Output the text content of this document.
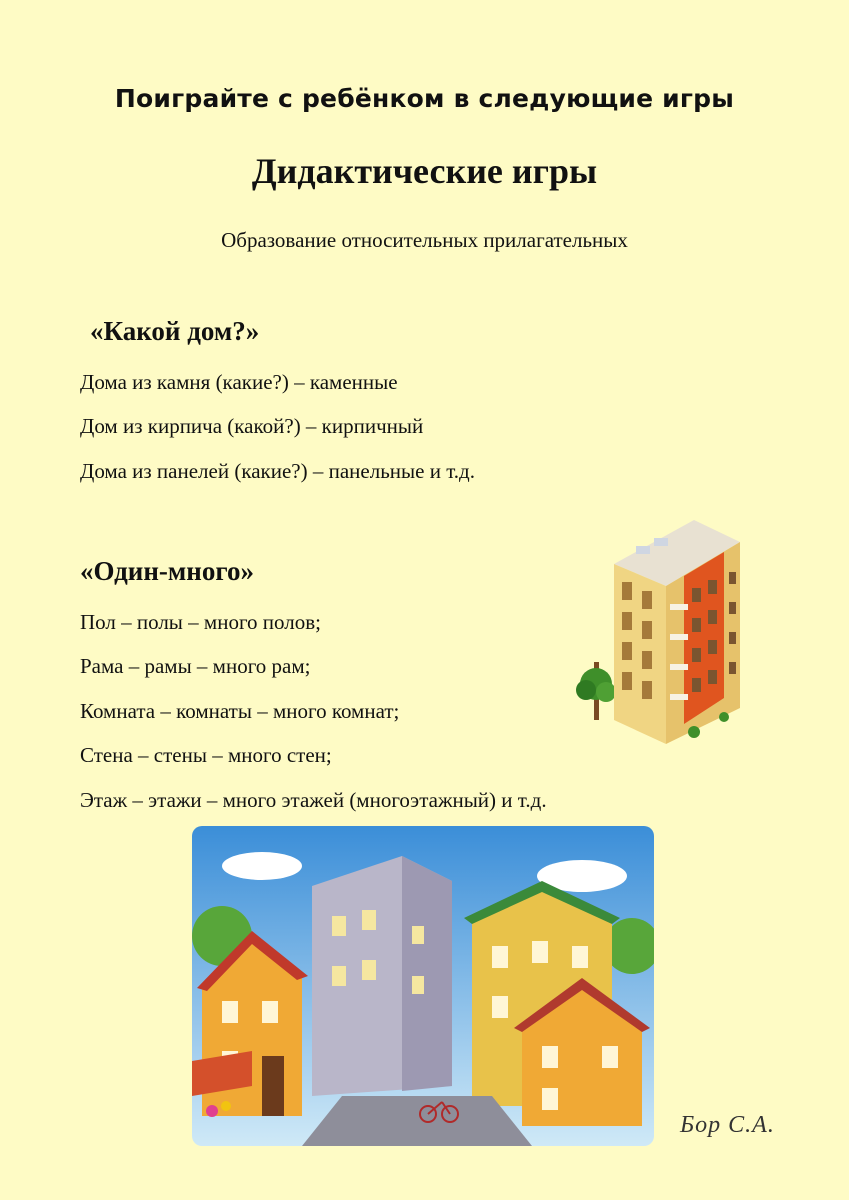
Поиграйте с ребёнком в следующие игры
Дидактические игры
Образование относительных прилагательных
«Какой дом?»
Дома из камня (какие?) – каменные
Дом из кирпича (какой?) – кирпичный
Дома из панелей (какие?) – панельные и т.д.
«Один-много»
Пол – полы – много полов;
Рама – рамы – много рам;
Комната – комнаты – много комнат;
Стена – стены – много стен;
Этаж – этажи – много этажей (многоэтажный) и т.д.
Бор С.А.
